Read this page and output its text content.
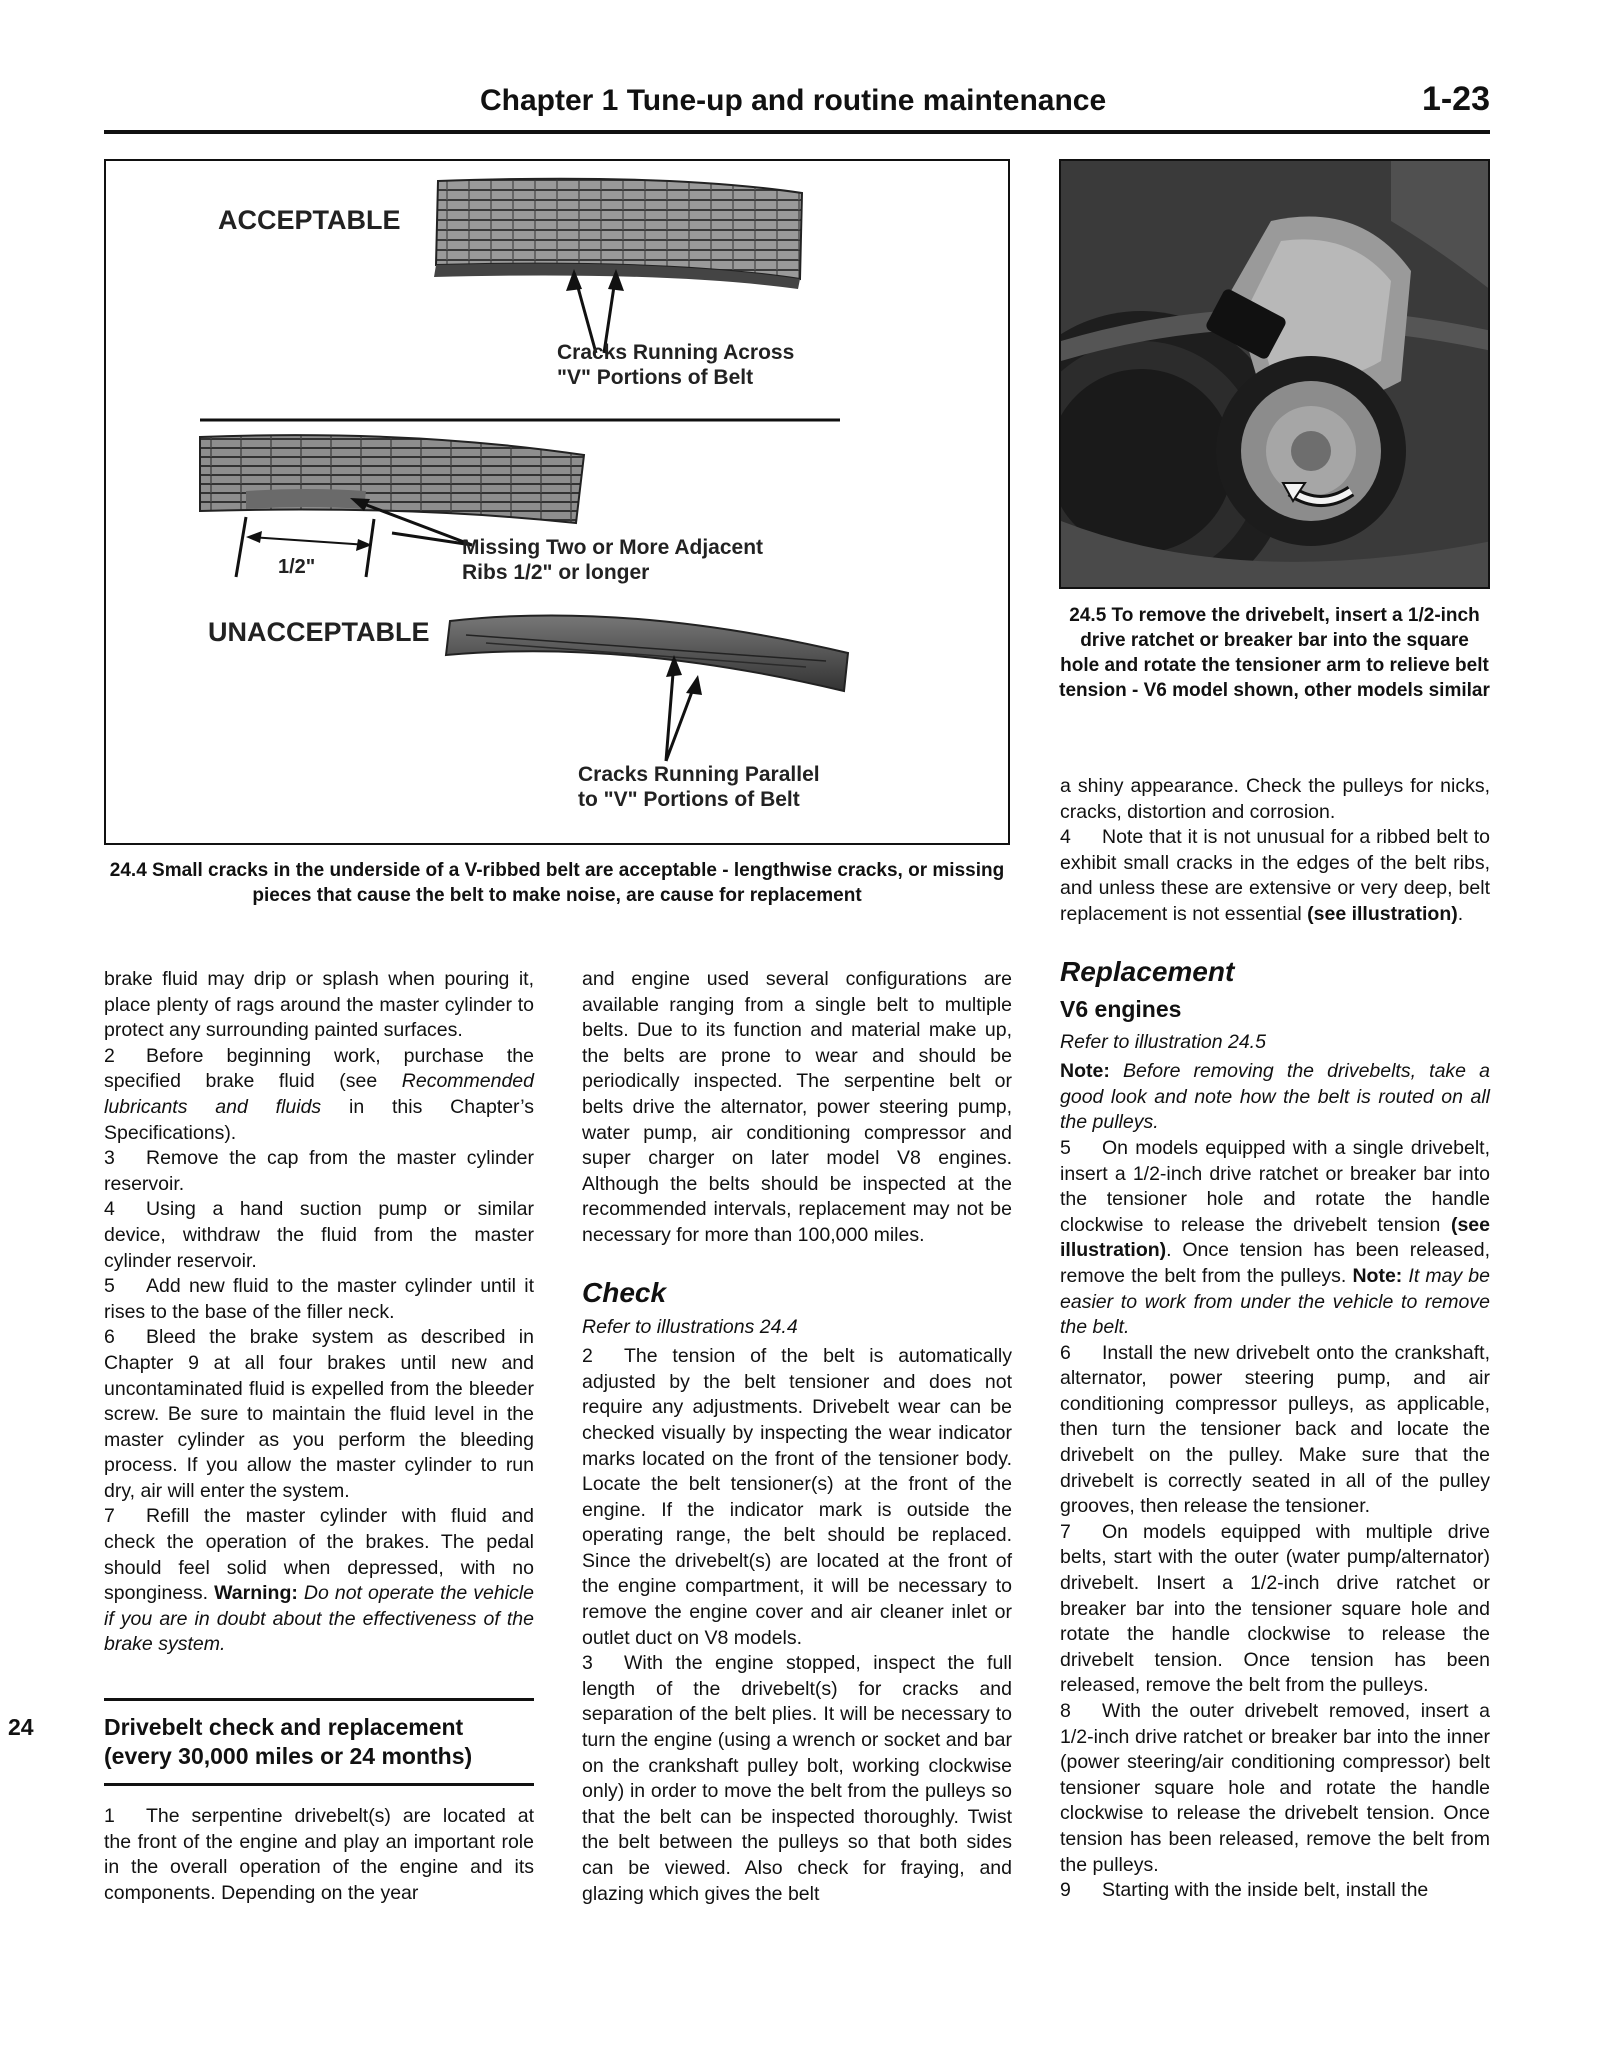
Chapter 1 Tune-up and routine maintenance	1-23
ACCEPTABLE
Cracks Running Across
"V" Portions of Belt
1/2"
Missing Two or More Adjacent
Ribs 1/2" or longer
UNACCEPTABLE
Cracks Running Parallel
to "V" Portions of Belt
24.4 Small cracks in the underside of a V-ribbed belt are acceptable - lengthwise cracks, or missing pieces that cause the belt to make noise, are cause for replacement
24.5 To remove the drivebelt, insert a 1/2-inch drive ratchet or breaker bar into the square hole and rotate the tensioner arm to relieve belt tension - V6 model shown, other models similar

brake fluid may drip or splash when pouring it, place plenty of rags around the master cylinder to protect any surrounding painted surfaces.

2 Before beginning work, purchase the specified brake fluid (see Recommended lubricants and fluids in this Chapter’s Specifications).

3 Remove the cap from the master cylinder reservoir.

4 Using a hand suction pump or similar device, withdraw the fluid from the master cylinder reservoir.

5 Add new fluid to the master cylinder until it rises to the base of the filler neck.

6 Bleed the brake system as described in Chapter 9 at all four brakes until new and uncontaminated fluid is expelled from the bleeder screw. Be sure to maintain the fluid level in the master cylinder as you perform the bleeding process. If you allow the master cylinder to run dry, air will enter the system.

7 Refill the master cylinder with fluid and check the operation of the brakes. The pedal should feel solid when depressed, with no sponginess. Warning: Do not operate the vehicle if you are in doubt about the effectiveness of the brake system.

24	Drivebelt check and replacement (every 30,000 miles or 24 months)

1 The serpentine drivebelt(s) are located at the front of the engine and play an important role in the overall operation of the engine and its components. Depending on the year

and engine used several configurations are available ranging from a single belt to multiple belts. Due to its function and material make up, the belts are prone to wear and should be periodically inspected. The serpentine belt or belts drive the alternator, power steering pump, water pump, air conditioning compressor and super charger on later model V8 engines. Although the belts should be inspected at the recommended intervals, replacement may not be necessary for more than 100,000 miles.

Check
Refer to illustrations 24.4

2 The tension of the belt is automatically adjusted by the belt tensioner and does not require any adjustments. Drivebelt wear can be checked visually by inspecting the wear indicator marks located on the front of the tensioner body. Locate the belt tensioner(s) at the front of the engine. If the indicator mark is outside the operating range, the belt should be replaced. Since the drivebelt(s) are located at the front of the engine compartment, it will be necessary to remove the engine cover and air cleaner inlet or outlet duct on V8 models.

3 With the engine stopped, inspect the full length of the drivebelt(s) for cracks and separation of the belt plies. It will be necessary to turn the engine (using a wrench or socket and bar on the crankshaft pulley bolt, working clockwise only) in order to move the belt from the pulleys so that the belt can be inspected thoroughly. Twist the belt between the pulleys so that both sides can be viewed. Also check for fraying, and glazing which gives the belt

a shiny appearance. Check the pulleys for nicks, cracks, distortion and corrosion.

4 Note that it is not unusual for a ribbed belt to exhibit small cracks in the edges of the belt ribs, and unless these are extensive or very deep, belt replacement is not essential (see illustration).

Replacement
V6 engines
Refer to illustration 24.5

Note: Before removing the drivebelts, take a good look and note how the belt is routed on all the pulleys.

5 On models equipped with a single drivebelt, insert a 1/2-inch drive ratchet or breaker bar into the tensioner hole and rotate the handle clockwise to release the drivebelt tension (see illustration). Once tension has been released, remove the belt from the pulleys. Note: It may be easier to work from under the vehicle to remove the belt.

6 Install the new drivebelt onto the crankshaft, alternator, power steering pump, and air conditioning compressor pulleys, as applicable, then turn the tensioner back and locate the drivebelt on the pulley. Make sure that the drivebelt is correctly seated in all of the pulley grooves, then release the tensioner.

7 On models equipped with multiple drive belts, start with the outer (water pump/alternator) drivebelt. Insert a 1/2-inch drive ratchet or breaker bar into the tensioner square hole and rotate the handle clockwise to release the drivebelt tension. Once tension has been released, remove the belt from the pulleys.

8 With the outer drivebelt removed, insert a 1/2-inch drive ratchet or breaker bar into the inner (power steering/air conditioning compressor) belt tensioner square hole and rotate the handle clockwise to release the drivebelt tension. Once tension has been released, remove the belt from the pulleys.

9 Starting with the inside belt, install the
